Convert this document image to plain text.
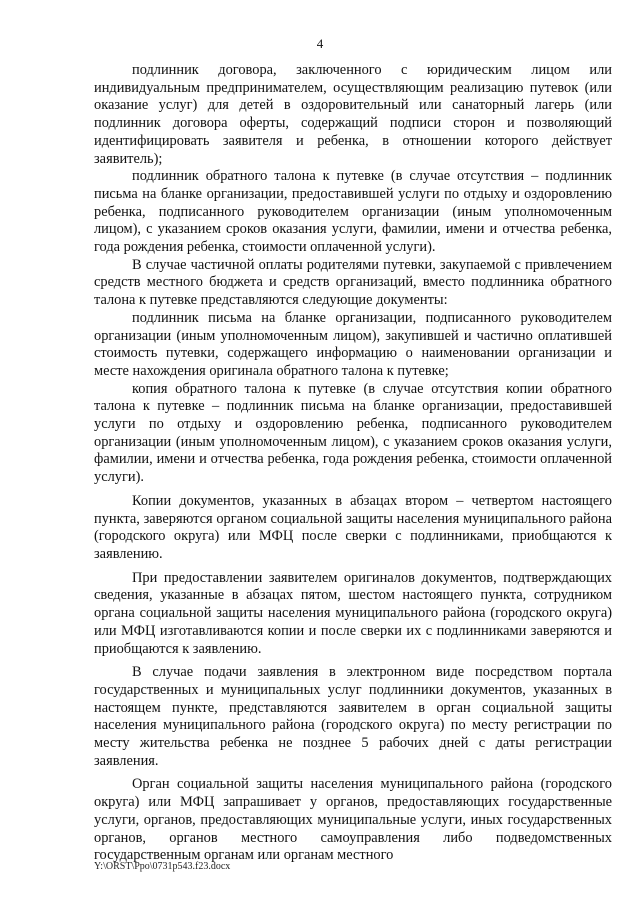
4

подлинник договора, заключенного с юридическим лицом или индивидуальным предпринимателем, осуществляющим реализацию путевок (или оказание услуг) для детей в оздоровительный или санаторный лагерь (или подлинник договора оферты, содержащий подписи сторон и позволяющий идентифицировать заявителя и ребенка, в отношении которого действует заявитель);

подлинник обратного талона к путевке (в случае отсутствия – подлинник письма на бланке организации, предоставившей услуги по отдыху и оздоровлению ребенка, подписанного руководителем организации (иным уполномоченным лицом), с указанием сроков оказания услуги, фамилии, имени и отчества ребенка, года рождения ребенка, стоимости оплаченной услуги).

В случае частичной оплаты родителями путевки, закупаемой с привлечением средств местного бюджета и средств организаций, вместо подлинника обратного талона к путевке представляются следующие документы:

подлинник письма на бланке организации, подписанного руководителем организации (иным уполномоченным лицом), закупившей и частично оплатившей стоимость путевки, содержащего информацию о наименовании организации и месте нахождения оригинала обратного талона к путевке;

копия обратного талона к путевке (в случае отсутствия копии обратного талона к путевке – подлинник письма на бланке организации, предоставившей услуги по отдыху и оздоровлению ребенка, подписанного руководителем организации (иным уполномоченным лицом), с указанием сроков оказания услуги, фамилии, имени и отчества ребенка, года рождения ребенка, стоимости оплаченной услуги).

Копии документов, указанных в абзацах втором – четвертом настоящего пункта, заверяются органом социальной защиты населения муниципального района (городского округа) или МФЦ после сверки с подлинниками, приобщаются к заявлению.

При предоставлении заявителем оригиналов документов, подтверждающих сведения, указанные в абзацах пятом, шестом настоящего пункта, сотрудником органа социальной защиты населения муниципального района (городского округа) или МФЦ изготавливаются копии и после сверки их с подлинниками заверяются и приобщаются к заявлению.

В случае подачи заявления в электронном виде посредством портала государственных и муниципальных услуг подлинники документов, указанных в настоящем пункте, представляются заявителем в орган социальной защиты населения муниципального района (городского округа) по месту регистрации по месту жительства ребенка не позднее 5 рабочих дней с даты регистрации заявления.

Орган социальной защиты населения муниципального района (городского округа) или МФЦ запрашивает у органов, предоставляющих государственные услуги, органов, предоставляющих муниципальные услуги, иных государственных органов, органов местного самоуправления либо подведомственных государственным органам или органам местного

Y:\ORST\Ppo\0731p543.f23.docx
